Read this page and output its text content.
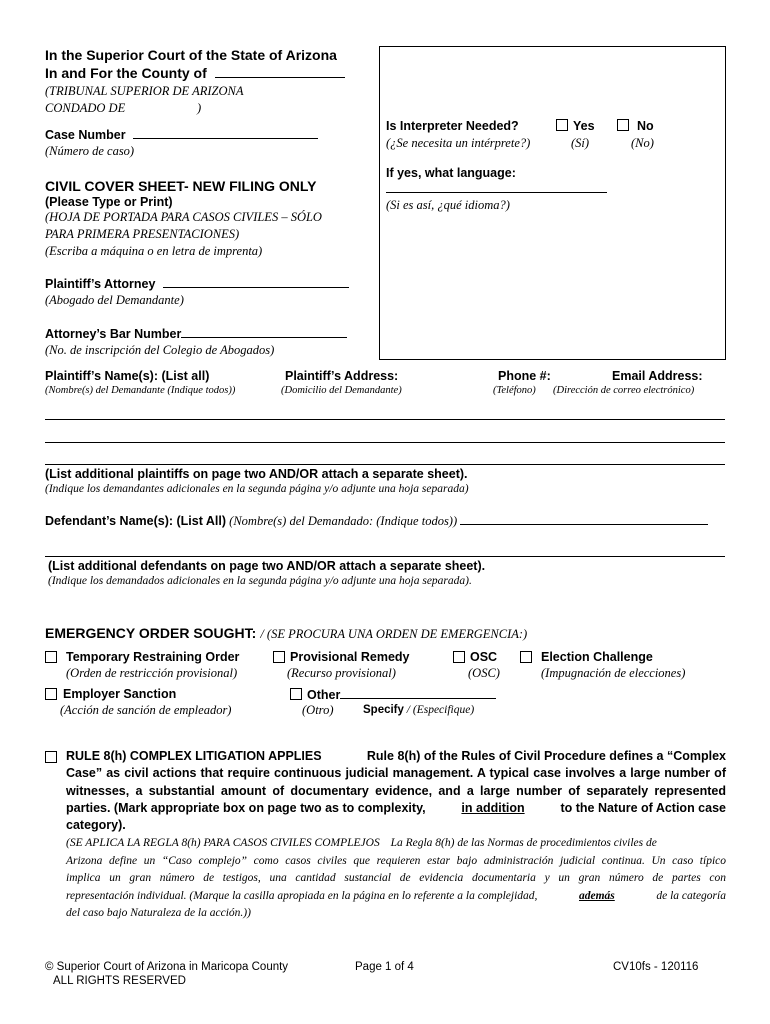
In the Superior Court of the State of Arizona
In and For the County of
(TRIBUNAL SUPERIOR DE ARIZONA
CONDADO DE	)
Case Number
(Número de caso)
CIVIL COVER SHEET- NEW FILING ONLY
(Please Type or Print)
(HOJA DE PORTADA PARA CASOS CIVILES – SÓLO
PARA PRIMERA PRESENTACIONES)
(Escriba a máquina o en letra de imprenta)
Plaintiff’s Attorney
(Abogado del Demandante)
Attorney’s Bar Number
(No. de inscripción del Colegio de Abogados)
Is Interpreter Needed?	Yes	No
(¿Se necesita un intérprete?)	(Sí)	(No)
If yes, what language:
(Si es así, ¿qué idioma?)
Plaintiff’s Name(s): (List all)	Plaintiff’s Address:	Phone #:	Email Address:
(Nombre(s) del Demandante (Indique todos))	(Domicilio del Demandante)	(Teléfono) (Dirección de correo electrónico)
(List additional plaintiffs on page two AND/OR attach a separate sheet).
(Indique los demandantes adicionales en la segunda página y/o adjunte una hoja separada)
Defendant’s Name(s): (List All) (Nombre(s) del Demandado: (Indique todos))
(List additional defendants on page two AND/OR attach a separate sheet).
(Indique los demandados adicionales en la segunda página y/o adjunte una hoja separada).
EMERGENCY ORDER SOUGHT: / (SE PROCURA UNA ORDEN DE EMERGENCIA:)
Temporary Restraining Order
(Orden de restricción provisional)
Provisional Remedy
(Recurso provisional)
OSC
(OSC)
Election Challenge
(Impugnación de elecciones)
Employer Sanction
(Acción de sanción de empleador)
Other
(Otro)	Specify / (Especifique)
RULE 8(h) COMPLEX LITIGATION APPLIES	Rule 8(h) of the Rules of Civil Procedure defines a “Complex
Case” as civil actions that require continuous judicial management. A typical case involves a large number of
witnesses, a substantial amount of documentary evidence, and a large number of separately represented
parties. (Mark appropriate box on page two as to complexity,	in addition	to the Nature of Action case
category).
(SE APLICA LA REGLA 8(h) PARA CASOS CIVILES COMPLEJOS La Regla 8(h) de las Normas de procedimientos civiles de
Arizona define un “Caso complejo” como casos civiles que requieren estar bajo administración judicial continua. Un caso típico
implica un gran número de testigos, una cantidad sustancial de evidencia documentaria y un gran número de partes con
representación individual. (Marque la casilla apropiada en la página en lo referente a la complejidad,	además	de la categoría
del caso bajo Naturaleza de la acción.))
© Superior Court of Arizona in Maricopa County
ALL RIGHTS RESERVED
Page 1 of 4	CV10fs - 120116
